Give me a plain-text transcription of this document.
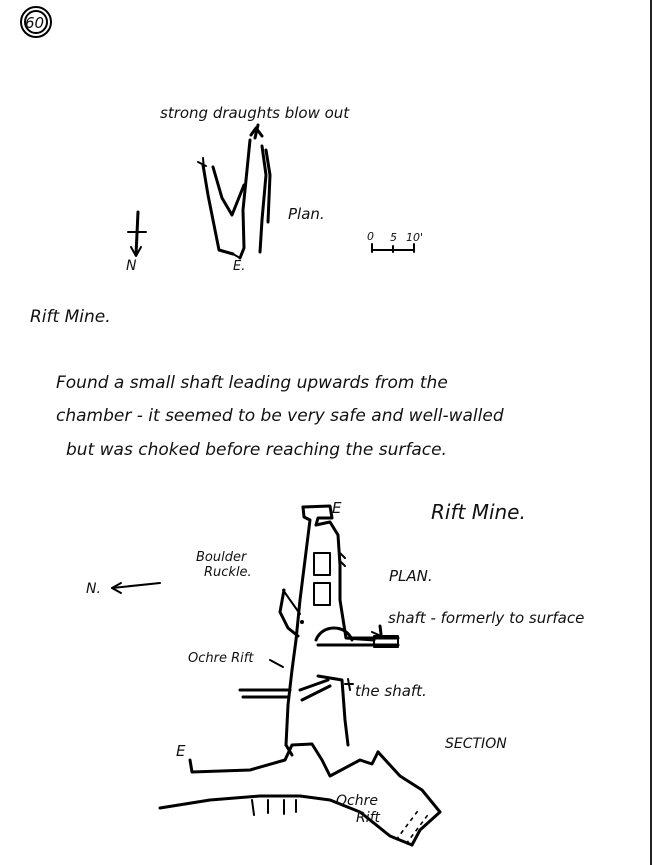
60
strong draughts blow out
Plan.
E.
N
0 5 10'
Rift Mine.
Found a small shaft leading upwards from the
chamber - it seemed to be very safe and well-walled
but was choked before reaching the surface.
Rift Mine.
PLAN.
E
Boulder
Ruckle.
Ochre Rift
shaft - formerly to surface
the shaft.
N.
SECTION
E
Ochre
Rift
